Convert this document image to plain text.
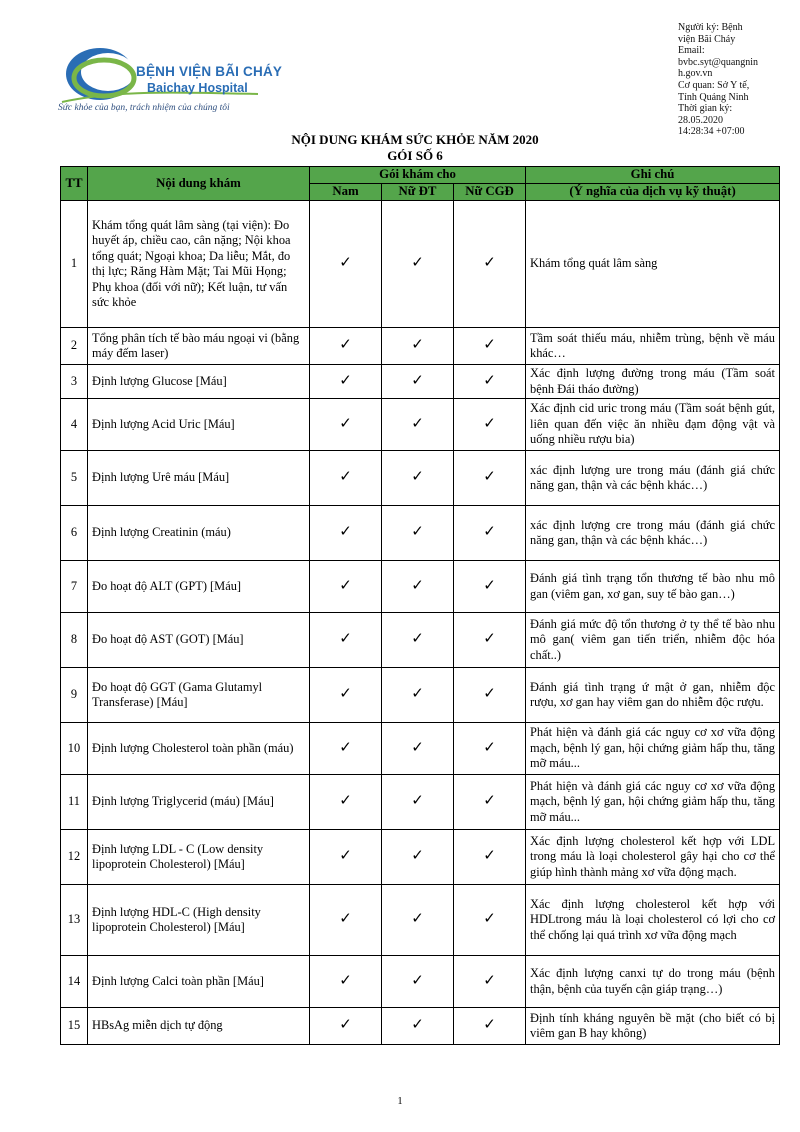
BỆNH VIỆN BÃI CHÁY
Baichay Hospital
Sức khỏe của bạn, trách nhiệm của chúng tôi
Người ký: Bệnh
viện Bãi Cháy
Email:
bvbc.syt@quangnin
h.gov.vn
Cơ quan: Sở Y tế,
Tỉnh Quảng Ninh
Thời gian ký:
28.05.2020
14:28:34 +07:00
NỘI DUNG KHÁM SỨC KHỎE NĂM 2020
GÓI SỐ 6
TT	Nội dung khám	Gói khám cho			Ghi chú
		Nam	Nữ ĐT	Nữ CGĐ	(Ý nghĩa của dịch vụ kỹ thuật)
1	Khám tổng quát lâm sàng (tại viện): Đo huyết áp, chiều cao, cân nặng; Nội khoa tổng quát; Ngoại khoa; Da liễu; Mắt, đo thị lực; Răng Hàm Mặt; Tai Mũi Họng; Phụ khoa (đối với nữ); Kết luận, tư vấn sức khỏe	✓	✓	✓	Khám tổng quát lâm sàng
2	Tổng phân tích tế bào máu ngoại vi (bằng máy đếm laser)	✓	✓	✓	Tầm soát thiếu máu, nhiễm trùng, bệnh về máu khác…
3	Định lượng Glucose [Máu]	✓	✓	✓	Xác định lượng đường trong máu (Tầm soát bệnh Đái tháo đường)
4	Định lượng Acid Uric [Máu]	✓	✓	✓	Xác định cid uric trong máu (Tầm soát bệnh gút, liên quan đến việc ăn nhiều đạm động vật và uống nhiều rượu bia)
5	Định lượng Urê máu [Máu]	✓	✓	✓	xác định lượng ure trong máu (đánh giá chức năng gan, thận và các bệnh khác…)
6	Định lượng Creatinin (máu)	✓	✓	✓	xác định lượng cre trong máu (đánh giá chức năng gan, thận và các bệnh khác…)
7	Đo hoạt độ ALT (GPT) [Máu]	✓	✓	✓	Đánh giá tình trạng tổn thương tế bào nhu mô gan (viêm gan, xơ gan, suy tế bào gan…)
8	Đo hoạt độ AST (GOT) [Máu]	✓	✓	✓	Đánh giá mức độ tổn thương ở ty thể tế bào nhu mô gan( viêm gan tiến triển, nhiễm độc hóa chất..)
9	Đo hoạt độ GGT (Gama Glutamyl Transferase) [Máu]	✓	✓	✓	Đánh giá tình trạng ứ mật ở gan, nhiễm độc rượu, xơ gan hay viêm gan do nhiễm độc rượu.
10	Định lượng Cholesterol toàn phần (máu)	✓	✓	✓	Phát hiện và đánh giá các nguy cơ xơ vữa động mạch, bệnh lý gan, hội chứng giảm hấp thu, tăng mỡ máu...
11	Định lượng Triglycerid (máu) [Máu]	✓	✓	✓	Phát hiện và đánh giá các nguy cơ xơ vữa động mạch, bệnh lý gan, hội chứng giảm hấp thu, tăng mỡ máu...
12	Định lượng LDL - C (Low density lipoprotein Cholesterol) [Máu]	✓	✓	✓	Xác định lượng cholesterol kết hợp với LDL trong máu là loại cholesterol gây hại cho cơ thể giúp hình thành mảng xơ vữa động mạch.
13	Định lượng HDL-C (High density lipoprotein Cholesterol) [Máu]	✓	✓	✓	Xác định lượng cholesterol kết hợp với HDLtrong máu là loại cholesterol có lợi cho cơ thể chống lại quá trình xơ vữa động mạch
14	Định lượng Calci toàn phần [Máu]	✓	✓	✓	Xác định lượng canxi tự do trong máu (bệnh thận, bệnh của tuyến cận giáp trạng…)
15	HBsAg miễn dịch tự động	✓	✓	✓	Định tính kháng nguyên bề mặt (cho biết có bị viêm gan B hay không)
1
